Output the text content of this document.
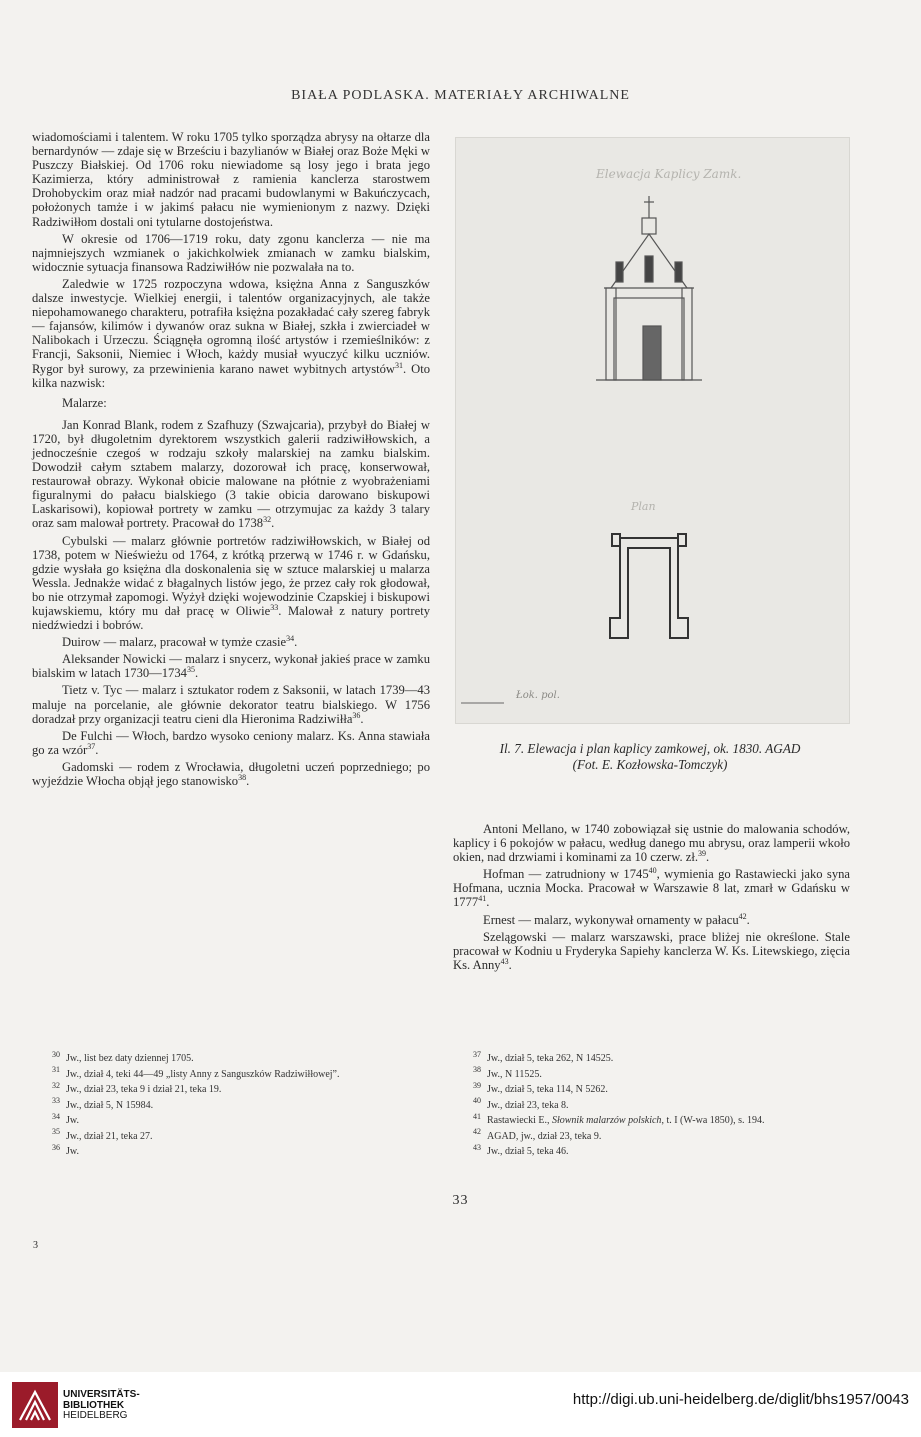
BIAŁA PODLASKA. MATERIAŁY ARCHIWALNE

wiadomościami i talentem. W roku 1705 tylko sporządza abrysy na ołtarze dla bernardynów — zdaje się w Brześciu i bazylianów w Białej oraz Boże Męki w Puszczy Białskiej. Od 1706 roku niewiadome są losy jego i brata jego Kazimierza, który administrował z ramienia kanclerza starostwem Drohobyckim oraz miał nadzór nad pracami budowlanymi w Bakuńczycach, położonych tamże i w jakimś pałacu nie wymienionym z nazwy. Dzięki Radziwiłłom dostali oni tytularne dostojeństwa.

W okresie od 1706—1719 roku, daty zgonu kanclerza — nie ma najmniejszych wzmianek o jakichkolwiek zmianach w zamku bialskim, widocznie sytuacja finansowa Radziwiłłów nie pozwalała na to.

Zaledwie w 1725 rozpoczyna wdowa, księżna Anna z Sanguszków dalsze inwestycje. Wielkiej energii, i talentów organizacyjnych, ale także niepohamowanego charakteru, potrafiła księżna pozakładać cały szereg fabryk — fajansów, kilimów i dywanów oraz sukna w Białej, szkła i zwierciadeł w Nalibokach i Urzeczu. Ściągnęła ogromną ilość artystów i rzemieślników: z Francji, Saksonii, Niemiec i Włoch, każdy musiał wyuczyć kilku uczniów. Rygor był surowy, za przewinienia karano nawet wybitnych artystów$^{31}$. Oto kilka nazwisk:

Malarze:

Jan Konrad Blank, rodem z Szafhuzy (Szwajcaria), przybył do Białej w 1720, był długoletnim dyrektorem wszystkich galerii radziwiłłowskich, a jednocześnie czegoś w rodzaju szkoły malarskiej na zamku bialskim. Dowodził całym sztabem malarzy, dozorował ich pracę, konserwował, restaurował obrazy. Wykonał obicie malowane na płótnie z wyobrażeniami figuralnymi do pałacu bialskiego (3 takie obicia darowano biskupowi Laskarisowi), kopiował portrety w zamku — otrzymujac za każdy 3 talary oraz sam malował portrety. Pracował do 1738$^{32}$.

Cybulski — malarz głównie portretów radziwiłłowskich, w Białej od 1738, potem w Nieświeżu od 1764, z krótką przerwą w 1746 r. w Gdańsku, gdzie wysłała go księżna dla doskonalenia się w sztuce malarskiej u malarza Wessla. Jednakże widać z błagalnych listów jego, że przez cały rok głodował, bo nie otrzymał zapomogi. Wyżył dzięki wojewodzinie Czapskiej i biskupowi kujawskiemu, który mu dał pracę w Oliwie$^{33}$. Malował z natury portrety niedźwiedzi i bobrów.

Duirow — malarz, pracował w tymże czasie$^{34}$.

Aleksander Nowicki — malarz i snycerz, wykonał jakieś prace w zamku bialskim w latach 1730—1734$^{35}$.

Tietz v. Tyc — malarz i sztukator rodem z Saksonii, w latach 1739—43 maluje na porcelanie, ale głównie dekorator teatru bialskiego. W 1756 doradzał przy organizacji teatru cieni dla Hieronima Radziwiłła$^{36}$.

De Fulchi — Włoch, bardzo wysoko ceniony malarz. Ks. Anna stawiała go za wzór$^{37}$.

Gadomski — rodem z Wrocławia, długoletni uczeń poprzedniego; po wyjeździe Włocha objął jego stanowisko$^{38}$.

Elewacja Kaplicy Zamk.
Plan
Łok. pol.
Il. 7. Elewacja i plan kaplicy zamkowej, ok. 1830. AGAD
(Fot. E. Kozłowska-Tomczyk)

Antoni Mellano, w 1740 zobowiązał się ustnie do malowania schodów, kaplicy i 6 pokojów w pałacu, według danego mu abrysu, oraz lamperii wkoło okien, nad drzwiami i kominami za 10 czerw. zł.$^{39}$.

Hofman — zatrudniony w 1745$^{40}$, wymienia go Rastawiecki jako syna Hofmana, ucznia Mocka. Pracował w Warszawie 8 lat, zmarł w Gdańsku w 1777$^{41}$.

Ernest — malarz, wykonywał ornamenty w pałacu$^{42}$.

Szelągowski — malarz warszawski, prace bliżej nie określone. Stale pracował w Kodniu u Fryderyka Sapiehy kanclerza W. Ks. Litewskiego, zięcia Ks. Anny$^{43}$.

$^{30}$ Jw., list bez daty dziennej 1705.

$^{31}$ Jw., dział 4, teki 44—49 „listy Anny z Sanguszków Radziwiłłowej”.

$^{32}$ Jw., dział 23, teka 9 i dział 21, teka 19.

$^{33}$ Jw., dział 5, N 15984.

$^{34}$ Jw.

$^{35}$ Jw., dział 21, teka 27.

$^{36}$ Jw.

$^{37}$ Jw., dział 5, teka 262, N 14525.

$^{38}$ Jw., N 11525.

$^{39}$ Jw., dział 5, teka 114, N 5262.

$^{40}$ Jw., dział 23, teka 8.

$^{41}$ Rastawiecki E., Słownik malarzów polskich, t. I (W-wa 1850), s. 194.

$^{42}$ AGAD, jw., dział 23, teka 9.

$^{43}$ Jw., dział 5, teka 46.

33
3
UNIVERSITÄTS-
BIBLIOTHEK
HEIDELBERG
http://digi.ub.uni-heidelberg.de/diglit/bhs1957/0043
